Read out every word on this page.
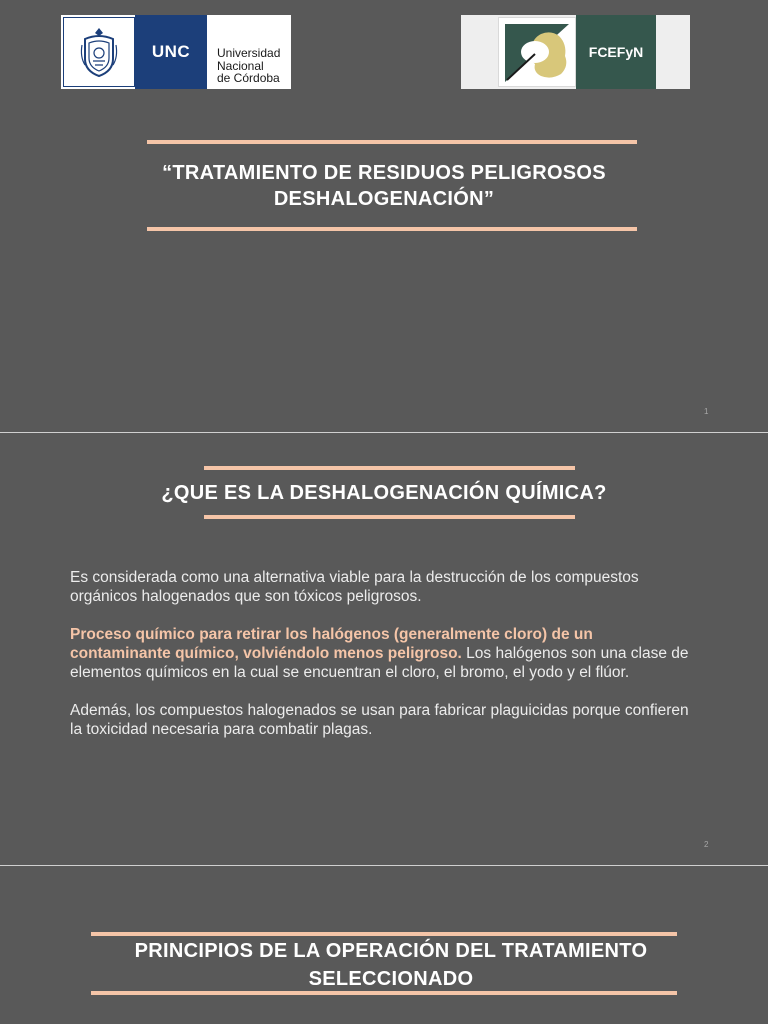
UNC	Universidad
Nacional
de Córdoba
FCEFyN
“TRATAMIENTO DE RESIDUOS PELIGROSOS
DESHALOGENACIÓN”
1
¿QUE ES LA DESHALOGENACIÓN QUÍMICA?

Es considerada como una alternativa viable para la destrucción de los compuestos orgánicos halogenados que son tóxicos peligrosos.

Proceso químico para retirar los halógenos (generalmente cloro) de un contaminante químico, volviéndolo menos peligroso. Los halógenos son una clase de elementos químicos en la cual se encuentran el cloro, el bromo, el yodo y el flúor.

Además, los compuestos halogenados se usan para fabricar plaguicidas porque confieren la toxicidad necesaria para combatir plagas.

2
PRINCIPIOS DE LA OPERACIÓN DEL TRATAMIENTO
SELECCIONADO
